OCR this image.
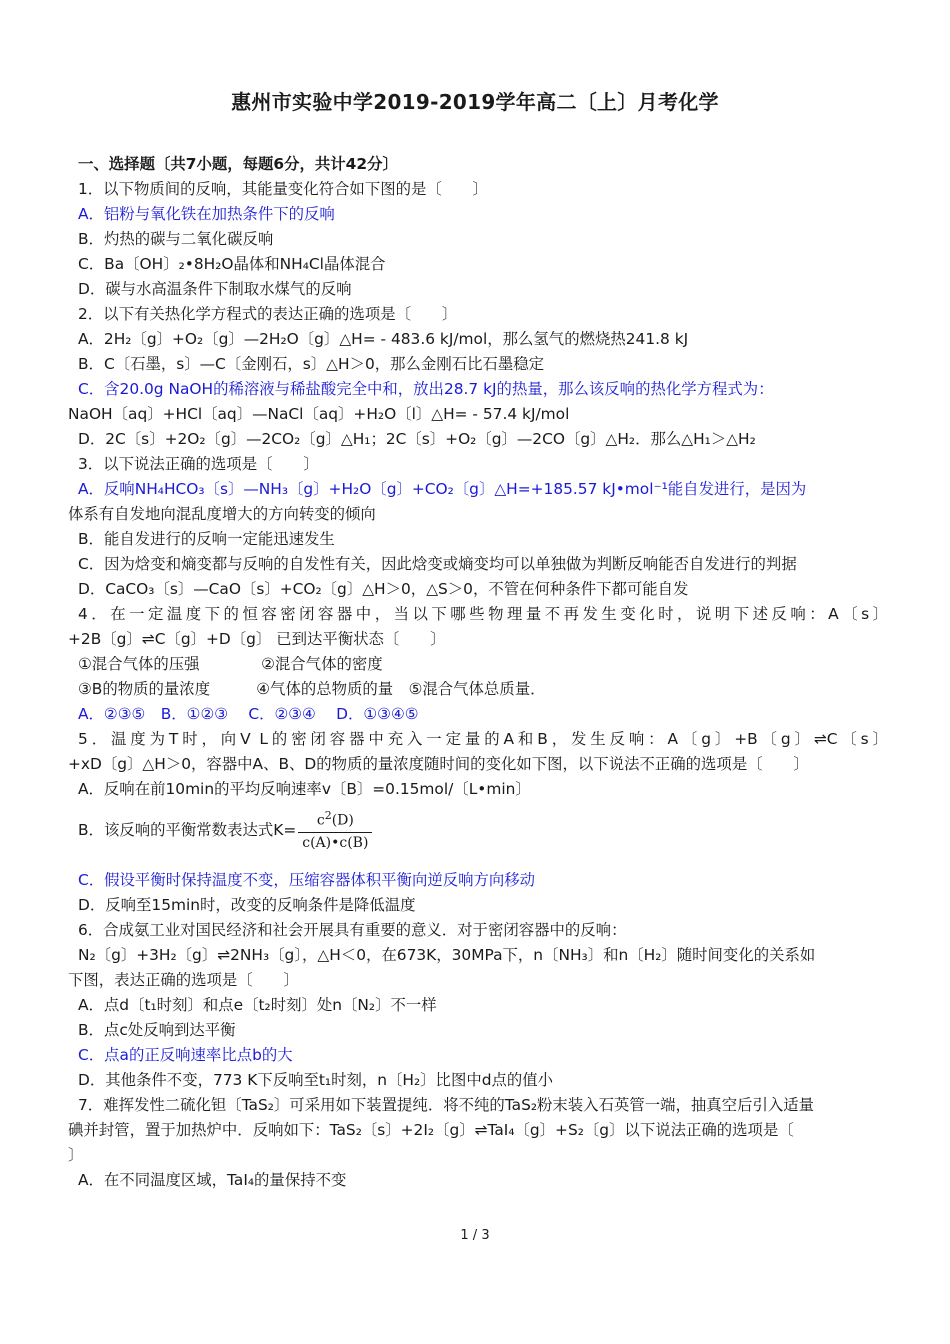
惠州市实验中学2019-2019学年高二〔上〕月考化学
一、选择题〔共7小题，每题6分，共计42分〕
1．以下物质间的反响，其能量变化符合如下图的是〔　　〕
A．铝粉与氧化铁在加热条件下的反响
B．灼热的碳与二氧化碳反响
C．Ba〔OH〕₂•8H₂O晶体和NH₄Cl晶体混合
D．碳与水高温条件下制取水煤气的反响
2．以下有关热化学方程式的表达正确的选项是〔　　〕
A．2H₂〔g〕+O₂〔g〕—2H₂O〔g〕△H= - 483.6 kJ/mol，那么氢气的燃烧热241.8 kJ
B．C〔石墨，s〕—C〔金刚石，s〕△H＞0，那么金刚石比石墨稳定
C．含20.0g NaOH的稀溶液与稀盐酸完全中和，放出28.7 kJ的热量，那么该反响的热化学方程式为：
NaOH〔aq〕+HCl〔aq〕—NaCl〔aq〕+H₂O〔l〕△H= - 57.4 kJ/mol
D．2C〔s〕+2O₂〔g〕—2CO₂〔g〕△H₁；2C〔s〕+O₂〔g〕—2CO〔g〕△H₂．那么△H₁＞△H₂
3．以下说法正确的选项是〔　　〕
A．反响NH₄HCO₃〔s〕—NH₃〔g〕+H₂O〔g〕+CO₂〔g〕△H=+185.57 kJ•mol⁻¹能自发进行，是因为
体系有自发地向混乱度增大的方向转变的倾向
B．能自发进行的反响一定能迅速发生
C．因为焓变和熵变都与反响的自发性有关，因此焓变或熵变均可以单独做为判断反响能否自发进行的判据
D．CaCO₃〔s〕—CaO〔s〕+CO₂〔g〕△H＞0，△S＞0，不管在何种条件下都可能自发
4．在一定温度下的恒容密闭容器中，当以下哪些物理量不再发生变化时，说明下述反响：A〔s〕
+2B〔g〕⇌C〔g〕+D〔g〕 已到达平衡状态〔　　〕
①混合气体的压强　　　　②混合气体的密度
③B的物质的量浓度　　　④气体的总物质的量　⑤混合气体总质量．
A．②③⑤　B．①②③　 C．②③④　 D．①③④⑤
5．温度为T时，向V L的密闭容器中充入一定量的A和B，发生反响：A〔g〕+B〔g〕⇌C〔s〕
+xD〔g〕△H＞0，容器中A、B、D的物质的量浓度随时间的变化如下图，以下说法不正确的选项是〔　　〕
A．反响在前10min的平均反响速率v〔B〕=0.15mol/〔L•min〕
B．该反响的平衡常数表达式$K= \frac{c^2(D)}{c(A)•c(B)}$
C．假设平衡时保持温度不变，压缩容器体积平衡向逆反响方向移动
D．反响至15min时，改变的反响条件是降低温度
6．合成氨工业对国民经济和社会开展具有重要的意义．对于密闭容器中的反响：
N₂〔g〕+3H₂〔g〕⇌2NH₃〔g〕，△H＜0，在673K，30MPa下，n〔NH₃〕和n〔H₂〕随时间变化的关系如
下图，表达正确的选项是〔　　〕
A．点d〔t₁时刻〕和点e〔t₂时刻〕处n〔N₂〕不一样
B．点c处反响到达平衡
C．点a的正反响速率比点b的大
D．其他条件不变，773 K下反响至t₁时刻，n〔H₂〕比图中d点的值小
7．难挥发性二硫化钽〔TaS₂〕可采用如下装置提纯．将不纯的TaS₂粉末装入石英管一端，抽真空后引入适量
碘并封管，置于加热炉中．反响如下：TaS₂〔s〕+2I₂〔g〕⇌TaI₄〔g〕+S₂〔g〕以下说法正确的选项是〔
〕
A．在不同温度区域，TaI₄的量保持不变
1 / 3
